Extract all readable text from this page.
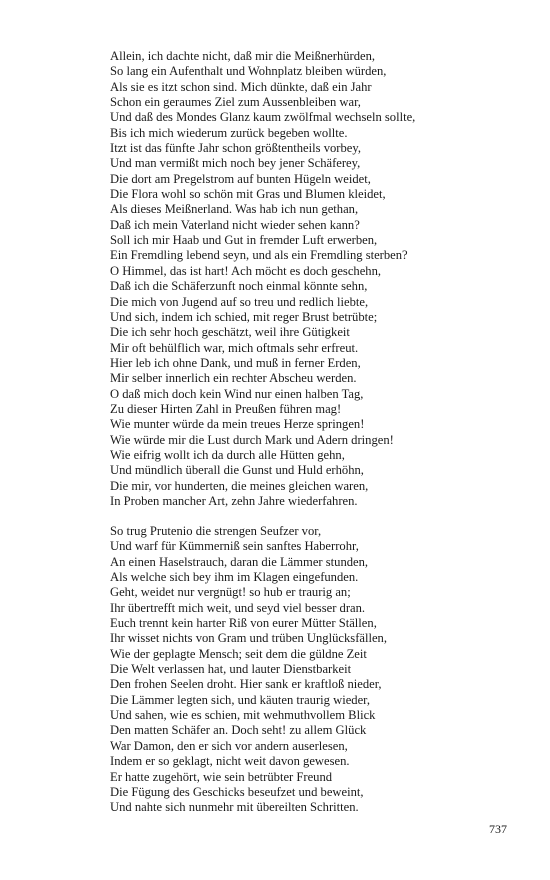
Allein, ich dachte nicht, daß mir die Meißnerhürden,
So lang ein Aufenthalt und Wohnplatz bleiben würden,
Als sie es itzt schon sind. Mich dünkte, daß ein Jahr
Schon ein geraumes Ziel zum Aussenbleiben war,
Und daß des Mondes Glanz kaum zwölfmal wechseln sollte,
Bis ich mich wiederum zurück begeben wollte.
Itzt ist das fünfte Jahr schon größtentheils vorbey,
Und man vermißt mich noch bey jener Schäferey,
Die dort am Pregelstrom auf bunten Hügeln weidet,
Die Flora wohl so schön mit Gras und Blumen kleidet,
Als dieses Meißnerland. Was hab ich nun gethan,
Daß ich mein Vaterland nicht wieder sehen kann?
Soll ich mir Haab und Gut in fremder Luft erwerben,
Ein Fremdling lebend seyn, und als ein Fremdling sterben?
O Himmel, das ist hart! Ach möcht es doch geschehn,
Daß ich die Schäferzunft noch einmal könnte sehn,
Die mich von Jugend auf so treu und redlich liebte,
Und sich, indem ich schied, mit reger Brust betrübte;
Die ich sehr hoch geschätzt, weil ihre Gütigkeit
Mir oft behülflich war, mich oftmals sehr erfreut.
Hier leb ich ohne Dank, und muß in ferner Erden,
Mir selber innerlich ein rechter Abscheu werden.
O daß mich doch kein Wind nur einen halben Tag,
Zu dieser Hirten Zahl in Preußen führen mag!
Wie munter würde da mein treues Herze springen!
Wie würde mir die Lust durch Mark und Adern dringen!
Wie eifrig wollt ich da durch alle Hütten gehn,
Und mündlich überall die Gunst und Huld erhöhn,
Die mir, vor hunderten, die meines gleichen waren,
In Proben mancher Art, zehn Jahre wiederfahren.
So trug Prutenio die strengen Seufzer vor,
Und warf für Kümmerniß sein sanftes Haberrohr,
An einen Haselstrauch, daran die Lämmer stunden,
Als welche sich bey ihm im Klagen eingefunden.
Geht, weidet nur vergnügt! so hub er traurig an;
Ihr übertrefft mich weit, und seyd viel besser dran.
Euch trennt kein harter Riß von eurer Mütter Ställen,
Ihr wisset nichts von Gram und trüben Unglücksfällen,
Wie der geplagte Mensch; seit dem die güldne Zeit
Die Welt verlassen hat, und lauter Dienstbarkeit
Den frohen Seelen droht. Hier sank er kraftloß nieder,
Die Lämmer legten sich, und käuten traurig wieder,
Und sahen, wie es schien, mit wehmuthvollem Blick
Den matten Schäfer an. Doch seht! zu allem Glück
War Damon, den er sich vor andern auserlesen,
Indem er so geklagt, nicht weit davon gewesen.
Er hatte zugehört, wie sein betrübter Freund
Die Fügung des Geschicks beseufzet und beweint,
Und nahte sich nunmehr mit übereilten Schritten.
737
